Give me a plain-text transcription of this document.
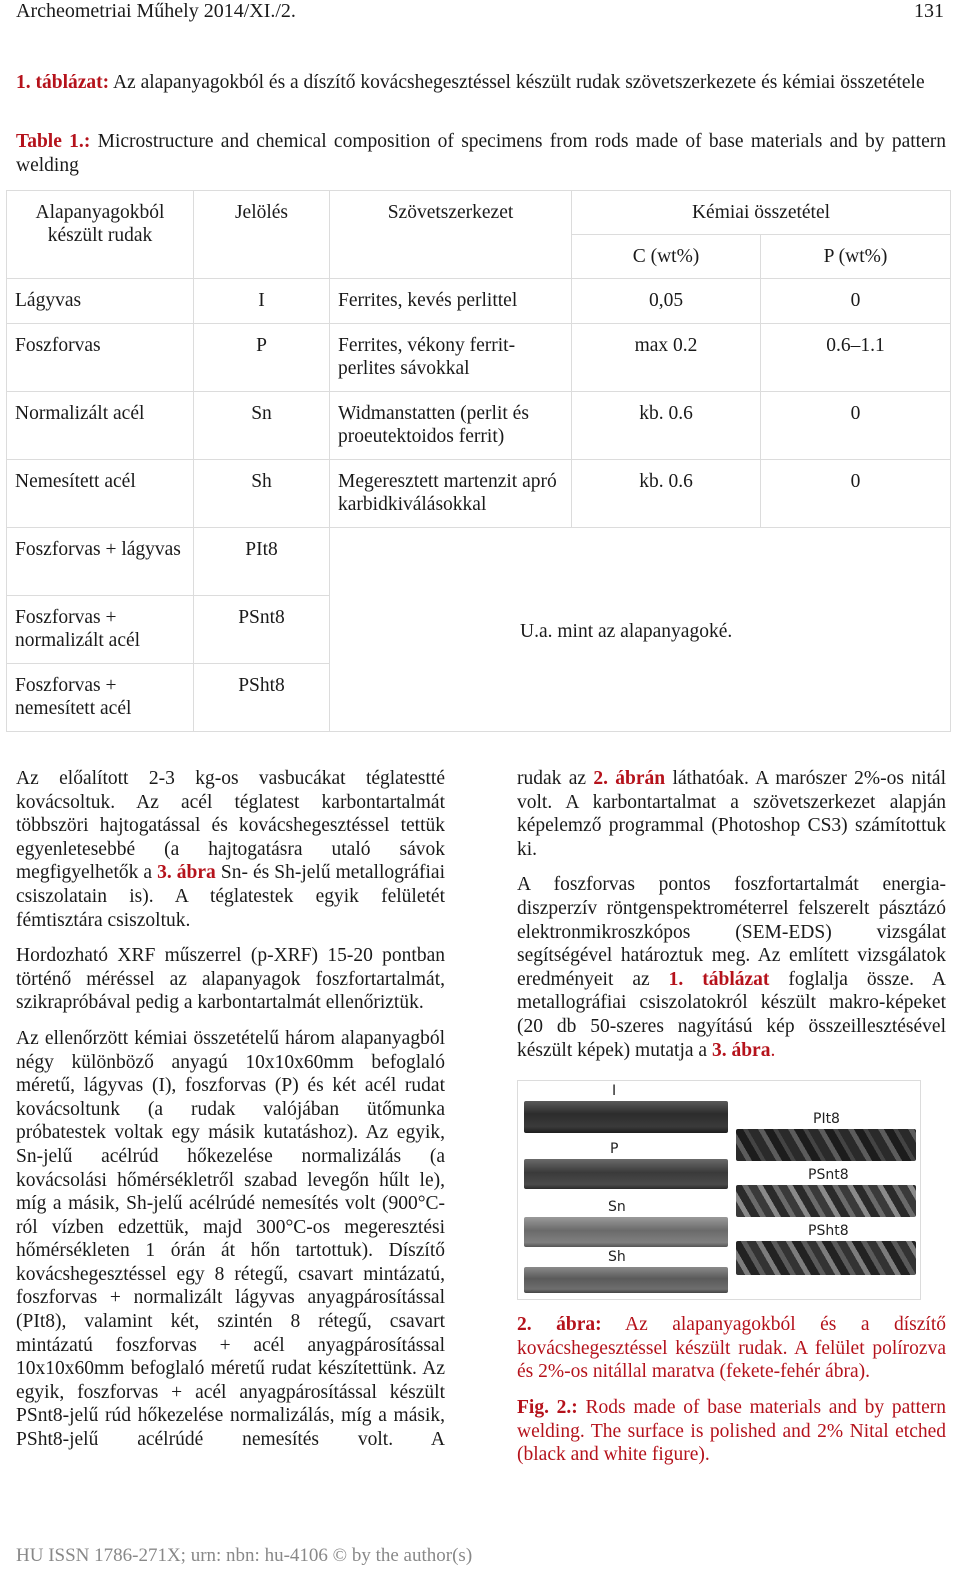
Archeometriai Műhely 2014/XI./2.	131
1. táblázat: Az alapanyagokból és a díszítő kovácshegesztéssel készült rudak szövetszerkezete és kémiai összetétele
Table 1.: Microstructure and chemical composition of specimens from rods made of base materials and by pattern welding
Alapanyagokból készült rudak	Jelölés	Szövetszerkezet	Kémiai összetétel	
			C (wt%)	P (wt%)
Lágyvas	I	Ferrites, kevés perlittel	0,05	0
Foszforvas	P	Ferrites, vékony ferrit-perlites sávokkal	max 0.2	0.6–1.1
Normalizált acél	Sn	Widmanstatten (perlit és proeutektoidos ferrit)	kb. 0.6	0
Nemesített acél	Sh	Megeresztett martenzit apró karbidkiválásokkal	kb. 0.6	0
Foszforvas + lágyvas	PIt8	U.a. mint az alapanyagoké.		
Foszforvas + normalizált acél	PSnt8			
Foszforvas + nemesített acél	PSht8			

Az előalított 2-3 kg-os vasbucákat téglatestté kovácsoltuk. Az acél téglatest karbontartalmát többszöri hajtogatással és kovácshegesztéssel tettük egyenletesebbé (a hajtogatásra utaló sávok megfigyelhetők a 3. ábra Sn- és Sh-jelű metallográfiai csiszolatain is). A téglatestek egyik felületét fémtisztára csiszoltuk.

Hordozható XRF műszerrel (p-XRF) 15-20 pontban történő méréssel az alapanyagok foszfortartalmát, szikrapróbával pedig a karbontartalmát ellenőriztük.

Az ellenőrzött kémiai összetételű három alapanyagból négy különböző anyagú 10x10x60mm befoglaló méretű, lágyvas (I), foszforvas (P) és két acél rudat kovácsoltunk (a rudak valójában ütőmunka próbatestek voltak egy másik kutatáshoz). Az egyik, Sn-jelű acélrúd hőkezelése normalizálás (a kovácsolási hőmérsékletről szabad levegőn hűlt le), míg a másik, Sh-jelű acélrúdé nemesítés volt (900°C-ról vízben edzettük, majd 300°C-os megeresztési hőmérsékleten 1 órán át hőn tartottuk). Díszítő kovácshegesztéssel egy 8 rétegű, csavart mintázatú, foszforvas + normalizált lágyvas anyagpárosítással (PIt8), valamint két, szintén 8 rétegű, csavart mintázatú foszforvas + acél anyagpárosítással 10x10x60mm befoglaló méretű rudat készítettünk. Az egyik, foszforvas + acél anyagpárosítással készült PSnt8-jelű rúd hőkezelése normalizálás, míg a másik, PSht8-jelű acélrúdé nemesítés volt. A

rudak az 2. ábrán láthatóak. A marószer 2%-os nitál volt. A karbontartalmat a szövetszerkezet alapján képelemző programmal (Photoshop CS3) számítottuk ki.

A foszforvas pontos foszfortartalmát energia-diszperzív röntgenspektrométerrel felszerelt pásztázó elektronmikroszkópos (SEM-EDS) vizsgálat segítségével határoztuk meg. Az említett vizsgálatok eredményeit az 1. táblázat foglalja össze. A metallográfiai csiszolatokról készült makro-képeket (20 db 50-szeres nagyítású kép összeillesztésével készült képek) mutatja a 3. ábra.

I
P
Sn
Sh
PIt8
PSnt8
PSht8

2. ábra: Az alapanyagokból és a díszítő kovácshegesztéssel készült rudak. A felület polírozva és 2%-os nitállal maratva (fekete-fehér ábra).

Fig. 2.: Rods made of base materials and by pattern welding. The surface is polished and 2% Nital etched (black and white figure).

HU ISSN 1786-271X; urn: nbn: hu-4106 © by the author(s)
